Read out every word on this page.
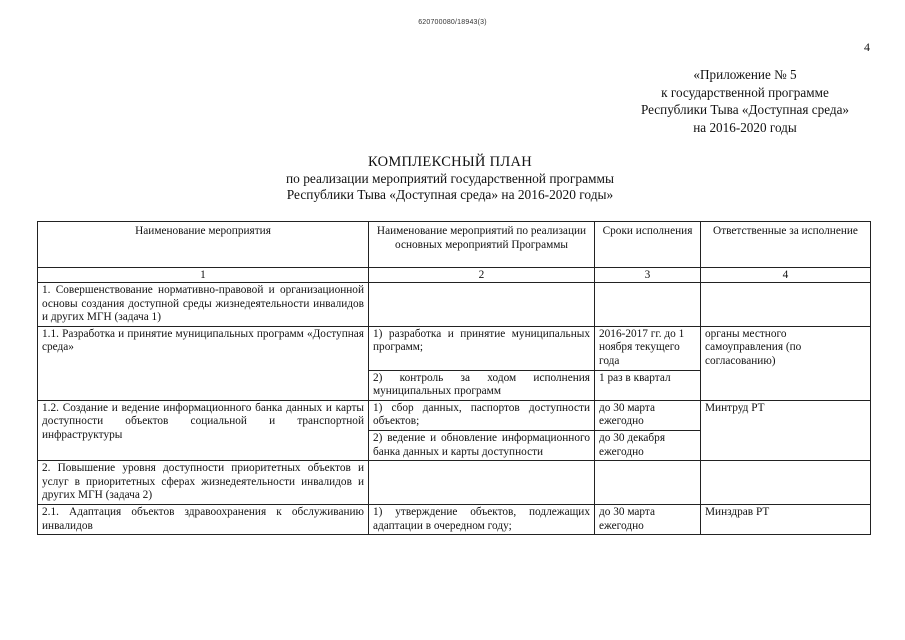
620700080/18943(3)
4
«Приложение № 5
к государственной программе
Республики Тыва «Доступная среда»
на 2016-2020 годы
КОМПЛЕКСНЫЙ ПЛАН
по реализации мероприятий государственной программы
Республики Тыва «Доступная среда» на 2016-2020 годы»
Наименование мероприятия	Наименование мероприятий по реализации основных мероприятий Программы	Сроки исполнения	Ответственные за исполнение
1	2	3	4
1. Совершенствование нормативно-правовой и организационной основы создания доступной среды жизнедеятельности инвалидов и других МГН (задача 1)			
1.1. Разработка и принятие муниципальных программ «Доступная среда»	1) разработка и принятие муниципальных программ;	2016-2017 гг. до 1 ноября текущего года	органы местного самоуправления (по согласованию)
	2) контроль за ходом исполнения муниципальных программ	1 раз в квартал	
1.2. Создание и ведение информационного банка данных и карты доступности объектов социальной и транспортной инфраструктуры	1) сбор данных, паспортов доступности объектов;	до 30 марта ежегодно	Минтруд РТ
	2) ведение и обновление информационного банка данных и карты доступности	до 30 декабря ежегодно	
2. Повышение уровня доступности приоритетных объектов и услуг в приоритетных сферах жизнедеятельности инвалидов и других МГН (задача 2)			
2.1. Адаптация объектов здравоохранения к обслуживанию инвалидов	1) утверждение объектов, подлежащих адаптации в очередном году;	до 30 марта ежегодно	Минздрав РТ
